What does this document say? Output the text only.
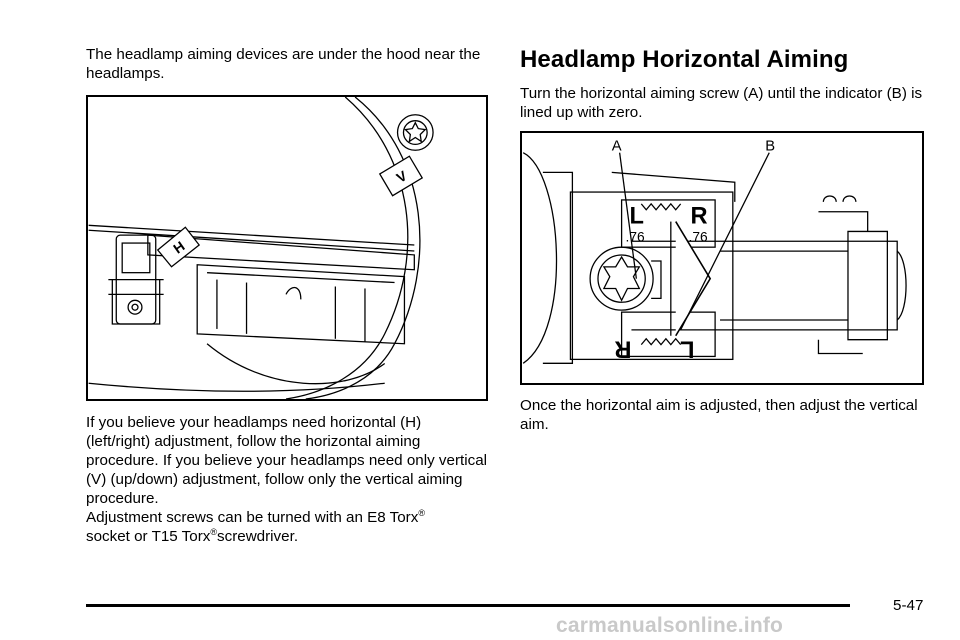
The headlamp aiming devices are under the hood near the headlamps.

V
H

If you believe your headlamps need horizontal (H) (left/right) adjustment, follow the horizontal aiming procedure. If you believe your headlamps need only vertical (V) (up/down) adjustment, follow only the vertical aiming procedure.

Adjustment screws can be turned with an E8 Torx®
socket or T15 Torx®screwdriver.

Headlamp Horizontal Aiming

Turn the horizontal aiming screw (A) until the indicator (B) is lined up with zero.

A	B
L R
.76	.76
R L

Once the horizontal aim is adjusted, then adjust the vertical aim.

5-47
carmanualsonline.info
